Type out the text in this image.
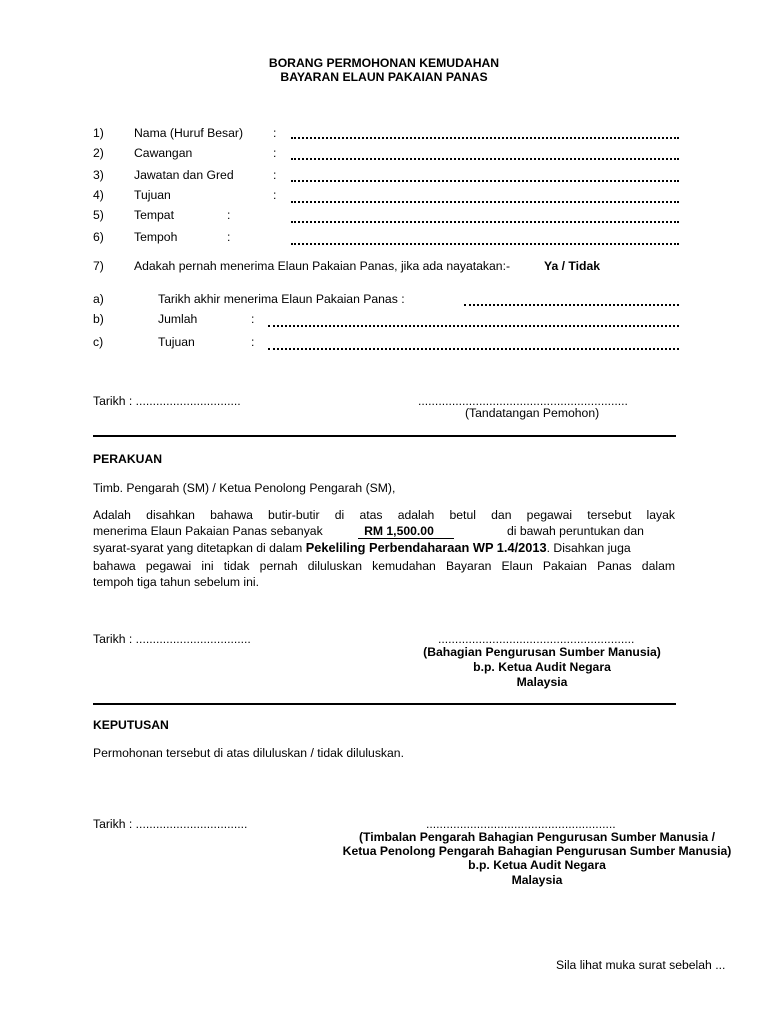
BORANG PERMOHONAN KEMUDAHAN
BAYARAN ELAUN PAKAIAN PANAS
1) Nama (Huruf Besar) :
2) Cawangan	:
3) Jawatan dan Gred	:
4) Tujuan	:
5) Tempat	:
6) Tempoh	:
7) Adakah pernah menerima Elaun Pakaian Panas, jika ada nayatakan:-	Ya / Tidak
a)	Tarikh akhir menerima Elaun Pakaian Panas :
b)	Jumlah	:
c)	Tujuan	:
Tarikh : ...............................	..............................................................
(Tandatangan Pemohon)
PERAKUAN
Timb. Pengarah (SM) / Ketua Penolong Pengarah (SM),
Adalah disahkan bahawa butir-butir di atas adalah betul dan pegawai tersebut layak
menerima Elaun Pakaian Panas sebanyak	RM 1,500.00	di bawah peruntukan dan
syarat-syarat yang ditetapkan di dalam Pekeliling Perbendaharaan WP 1.4/2013. Disahkan juga
bahawa pegawai ini tidak pernah diluluskan kemudahan Bayaran Elaun Pakaian Panas dalam
tempoh tiga tahun sebelum ini.
Tarikh : ..................................	..........................................................
(Bahagian Pengurusan Sumber Manusia)
b.p. Ketua Audit Negara
Malaysia
KEPUTUSAN
Permohonan tersebut di atas diluluskan / tidak diluluskan.
Tarikh : .................................	........................................................
(Timbalan Pengarah Bahagian Pengurusan Sumber Manusia /
Ketua Penolong Pengarah Bahagian Pengurusan Sumber Manusia)
b.p. Ketua Audit Negara
Malaysia
Sila lihat muka surat sebelah ...
